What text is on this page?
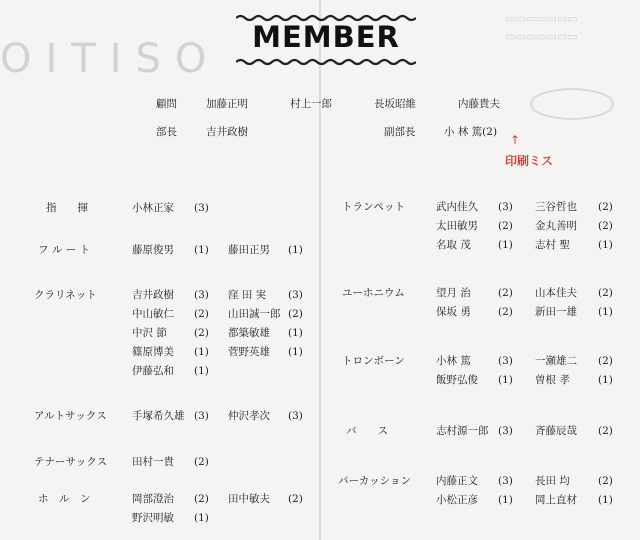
OITISO
▭▭▭▭▭▭▭
▭▭▭▭▭▭▭
MEMBER
顧問	加藤正明	村上一郎	長坂昭維	内藤貴夫
部長	吉井政樹	副部長	小 林 篤(2)
↑
印刷ミス
指　　揮	小林正家 (3)
フ ル ー ト	藤原俊男 (1) 藤田正男 (1)
クラリネット	吉井政樹 (3) 窪 田 実 (3)
中山敏仁 (2) 山田誠一郎 (2)
中沢 節	(2) 都築敏雄 (1)
篠原博美 (1) 菅野英雄 (1)
伊藤弘和 (1)
アルトサックス 手塚希久雄 (3) 仲沢孝次 (3)
テナーサックス 田村一貴 (2)
ホ　ル　ン	岡部澄治 (2) 田中敏夫 (2)
野沢明敏 (1)
トランペット	武内佳久 (3) 三谷哲也 (2)
太田敏男 (2) 金丸善明 (2)
名取 茂	(1) 志村 聖	(1)
ユーホニウム	望月 治	(2) 山本佳夫 (2)
保坂 勇	(2) 新田一雄 (1)
トロンボーン	小林 篤	(3) 一瀬雄二 (2)
飯野弘俊 (1) 曽根 孝	(1)
バ　　ス	志村源一郎 (3) 斉藤辰哉 (2)
パーカッション 内藤正文 (3) 長田 均	(2)
小松正彦 (1) 岡上直材 (1)
